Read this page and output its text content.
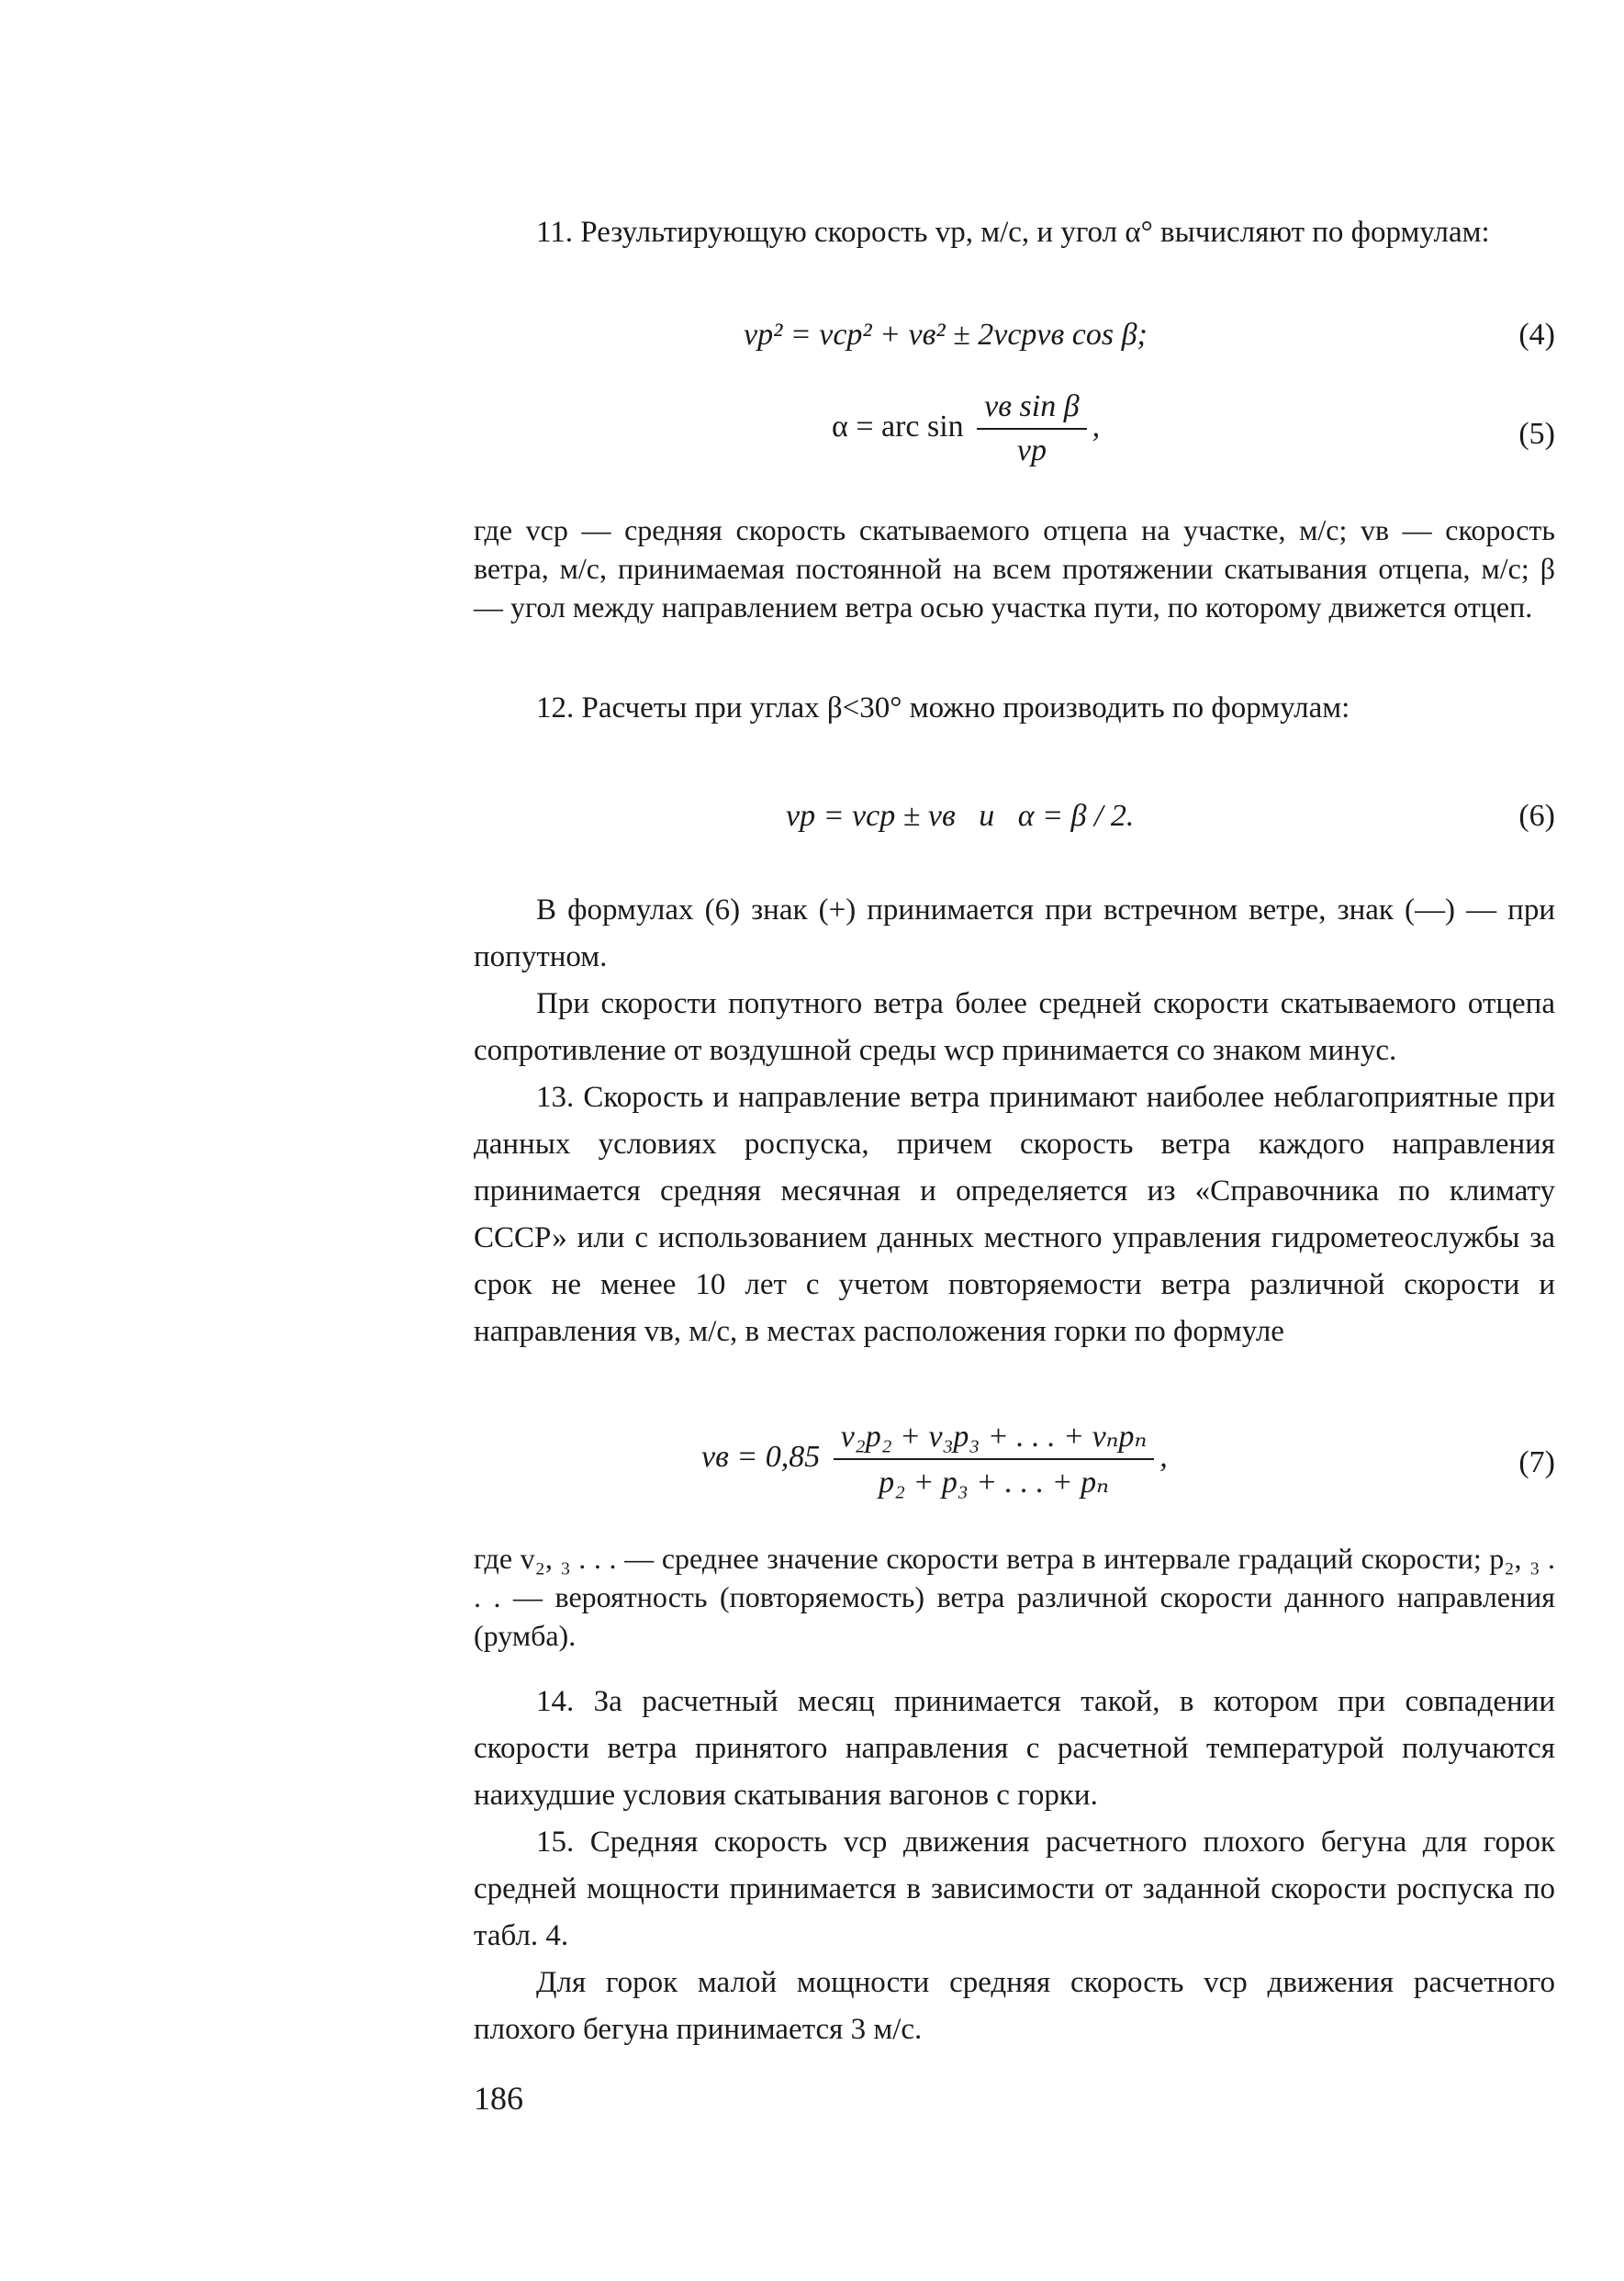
11. Результирующую скорость vр, м/с, и угол α° вычисляют по формулам:

vр² = vср² + vв² ± 2vсрvв cos β;	(4)
α = arc $\sin \frac{\text{vв sin β}}{vр}$ ,	(5)

где vср — средняя скорость скатываемого отцепа на участке, м/с; vв — скорость ветра, м/с, принимаемая постоянной на всем протяжении скатывания отцепа, м/с; β — угол между направлением ветра осью участка пути, по которому движется отцеп.

12. Расчеты при углах β<30° можно производить по формулам:

vр = vср ± vв   и   α = β / 2.	(6)

В формулах (6) знак (+) принимается при встречном ветре, знак (—) — при попутном.

При скорости попутного ветра более средней скорости скатываемого отцепа сопротивление от воздушной среды wср принимается со знаком минус.

13. Скорость и направление ветра принимают наиболее неблагоприятные при данных условиях роспуска, причем скорость ветра каждого направления принимается средняя месячная и определяется из «Справочника по климату СССР» или с использованием данных местного управления гидрометеослужбы за срок не менее 10 лет с учетом повторяемости ветра различной скорости и направления vв, м/с, в местах расположения горки по формуле

vв = $0,85 \frac{\text{v₂p₂ + v₃p₃ + . . . + vₙpₙ}}{\text{p₂ + p₃ + . . . + pₙ}}$ ,	(7)

где v₂, ₃ . . . — среднее значение скорости ветра в интервале градаций скорости; p₂, ₃ . . . — вероятность (повторяемость) ветра различной скорости данного направления (румба).

14. За расчетный месяц принимается такой, в котором при совпадении скорости ветра принятого направления с расчетной температурой получаются наихудшие условия скатывания вагонов с горки.

15. Средняя скорость vср движения расчетного плохого бегуна для горок средней мощности принимается в зависимости от заданной скорости роспуска по табл. 4.

Для горок малой мощности средняя скорость vср движения расчетного плохого бегуна принимается 3 м/с.

186
